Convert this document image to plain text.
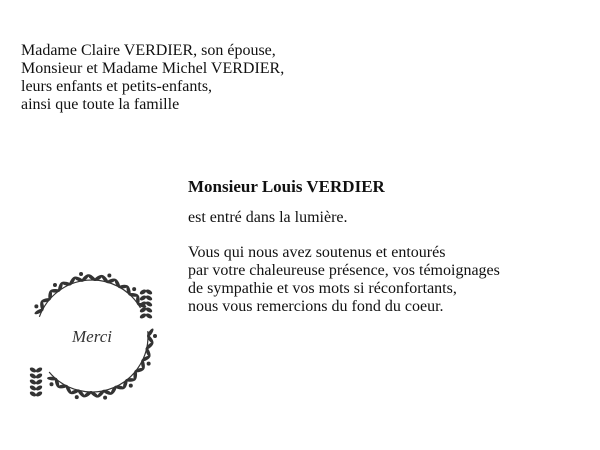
Madame Claire VERDIER, son épouse,
Monsieur et Madame Michel VERDIER,
leurs enfants et petits-enfants,
ainsi que toute la famille
Monsieur Louis VERDIER
est entré dans la lumière.
Vous qui nous avez soutenus et entourés
par votre chaleureuse présence, vos témoignages
de sympathie et vos mots si réconfortants,
nous vous remercions du fond du coeur.
Merci
